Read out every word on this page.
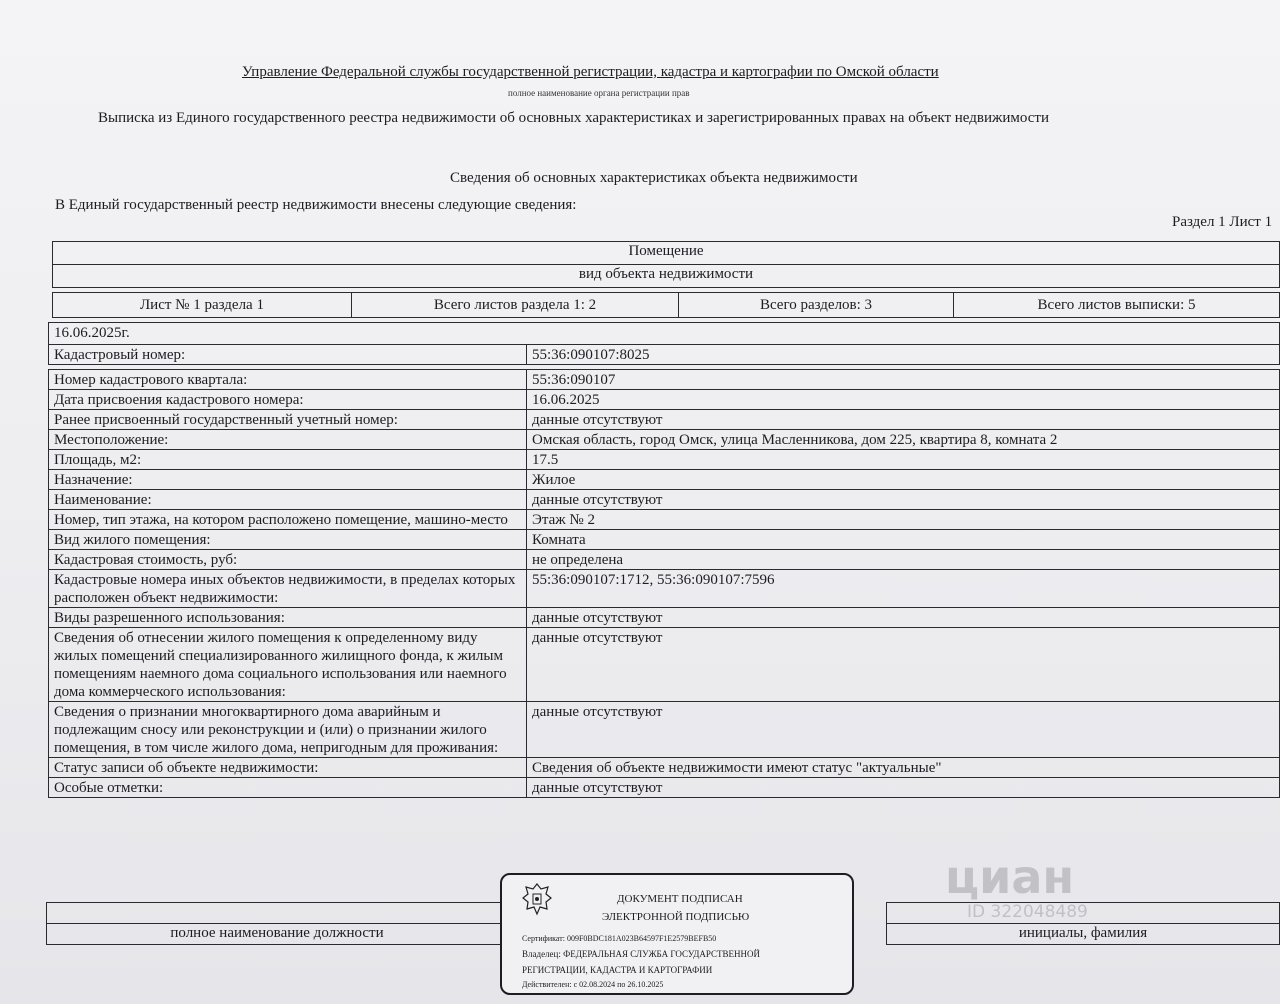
Управление Федеральной службы государственной регистрации, кадастра и картографии по Омской области
полное наименование органа регистрации прав
Выписка из Единого государственного реестра недвижимости об основных характеристиках и зарегистрированных правах на объект недвижимости
Сведения об основных характеристиках объекта недвижимости
В Единый государственный реестр недвижимости внесены следующие сведения:
Раздел 1 Лист 1
Помещение
вид объекта недвижимости
Лист № 1 раздела 1	Всего листов раздела 1: 2	Всего разделов: 3	Всего листов выписки: 5
16.06.2025г.	
Кадастровый номер:	55:36:090107:8025

Номер кадастрового квартала:	55:36:090107
Дата присвоения кадастрового номера:	16.06.2025
Ранее присвоенный государственный учетный номер:	данные отсутствуют
Местоположение:	Омская область, город Омск, улица Масленникова, дом 225, квартира 8, комната 2
Площадь, м2:	17.5
Назначение:	Жилое
Наименование:	данные отсутствуют
Номер, тип этажа, на котором расположено помещение, машино-место	Этаж № 2
Вид жилого помещения:	Комната
Кадастровая стоимость, руб:	не определена
Кадастровые номера иных объектов недвижимости, в пределах которых расположен объект недвижимости:	55:36:090107:1712, 55:36:090107:7596
Виды разрешенного использования:	данные отсутствуют
Сведения об отнесении жилого помещения к определенному виду жилых помещений специализированного жилищного фонда, к жилым помещениям наемного дома социального использования или наемного дома коммерческого использования:	данные отсутствуют
Сведения о признании многоквартирного дома аварийным и подлежащим сносу или реконструкции и (или) о признании жилого помещения, в том числе жилого дома, непригодным для проживания:	данные отсутствуют
Статус записи об объекте недвижимости:	Сведения об объекте недвижимости имеют статус "актуальные"
Особые отметки:	данные отсутствуют

полное наименование должности		инициалы, фамилия
циан
ID 322048489
ДОКУМЕНТ ПОДПИСАН
ЭЛЕКТРОННОЙ ПОДПИСЬЮ
Сертификат: 009F0BDC181A023B64597F1E2579BEFB50
Владелец: ФЕДЕРАЛЬНАЯ СЛУЖБА ГОСУДАРСТВЕННОЙ
РЕГИСТРАЦИИ, КАДАСТРА И КАРТОГРАФИИ
Действителен: с 02.08.2024 по 26.10.2025
